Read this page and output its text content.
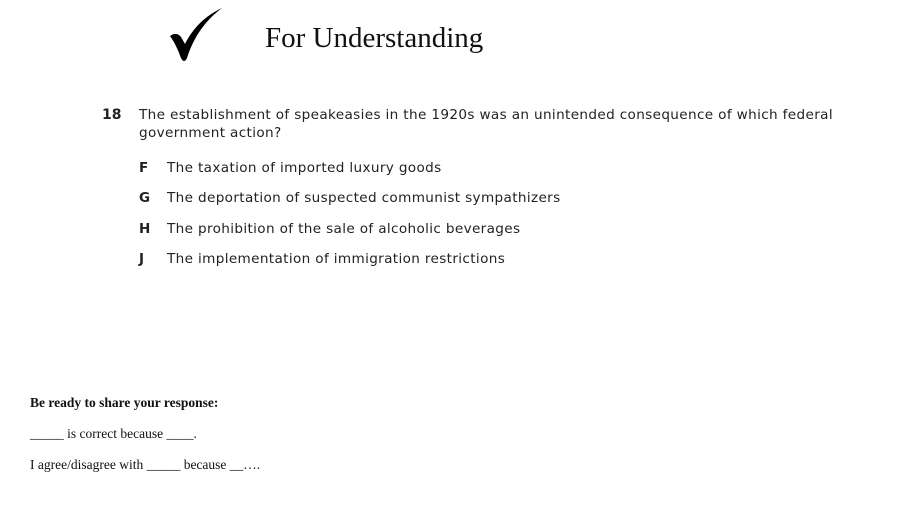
For Understanding
18 The establishment of speakeasies in the 1920s was an unintended consequence of which federal government action?
F The taxation of imported luxury goods
G The deportation of suspected communist sympathizers
H The prohibition of the sale of alcoholic beverages
J The implementation of immigration restrictions
Be ready to share your response:
_____ is correct because ____.
I agree/disagree with _____ because __….
